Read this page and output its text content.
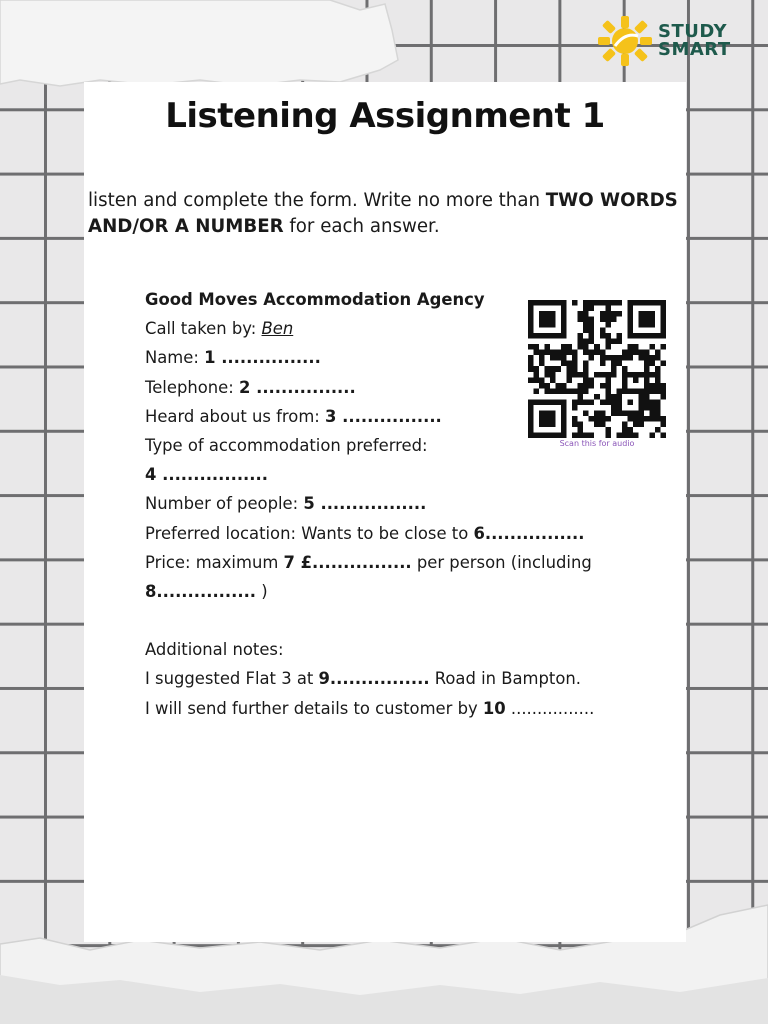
STUDY
SMART
Listening Assignment 1

listen and complete the form. Write no more than TWO WORDS AND/OR A NUMBER for each answer.

Good Moves Accommodation Agency
Call taken by: Ben
Name: 1 ................
Telephone: 2 ................
Heard about us from: 3 ................
Type of accommodation preferred:
4 .................
Number of people: 5 .................
Preferred location: Wants to be close to 6................
Price: maximum 7 £................ per person (including
8................ )
Additional notes:
I suggested Flat 3 at 9................ Road in Bampton.
I will send further details to customer by 10 ................
Scan this for audio
